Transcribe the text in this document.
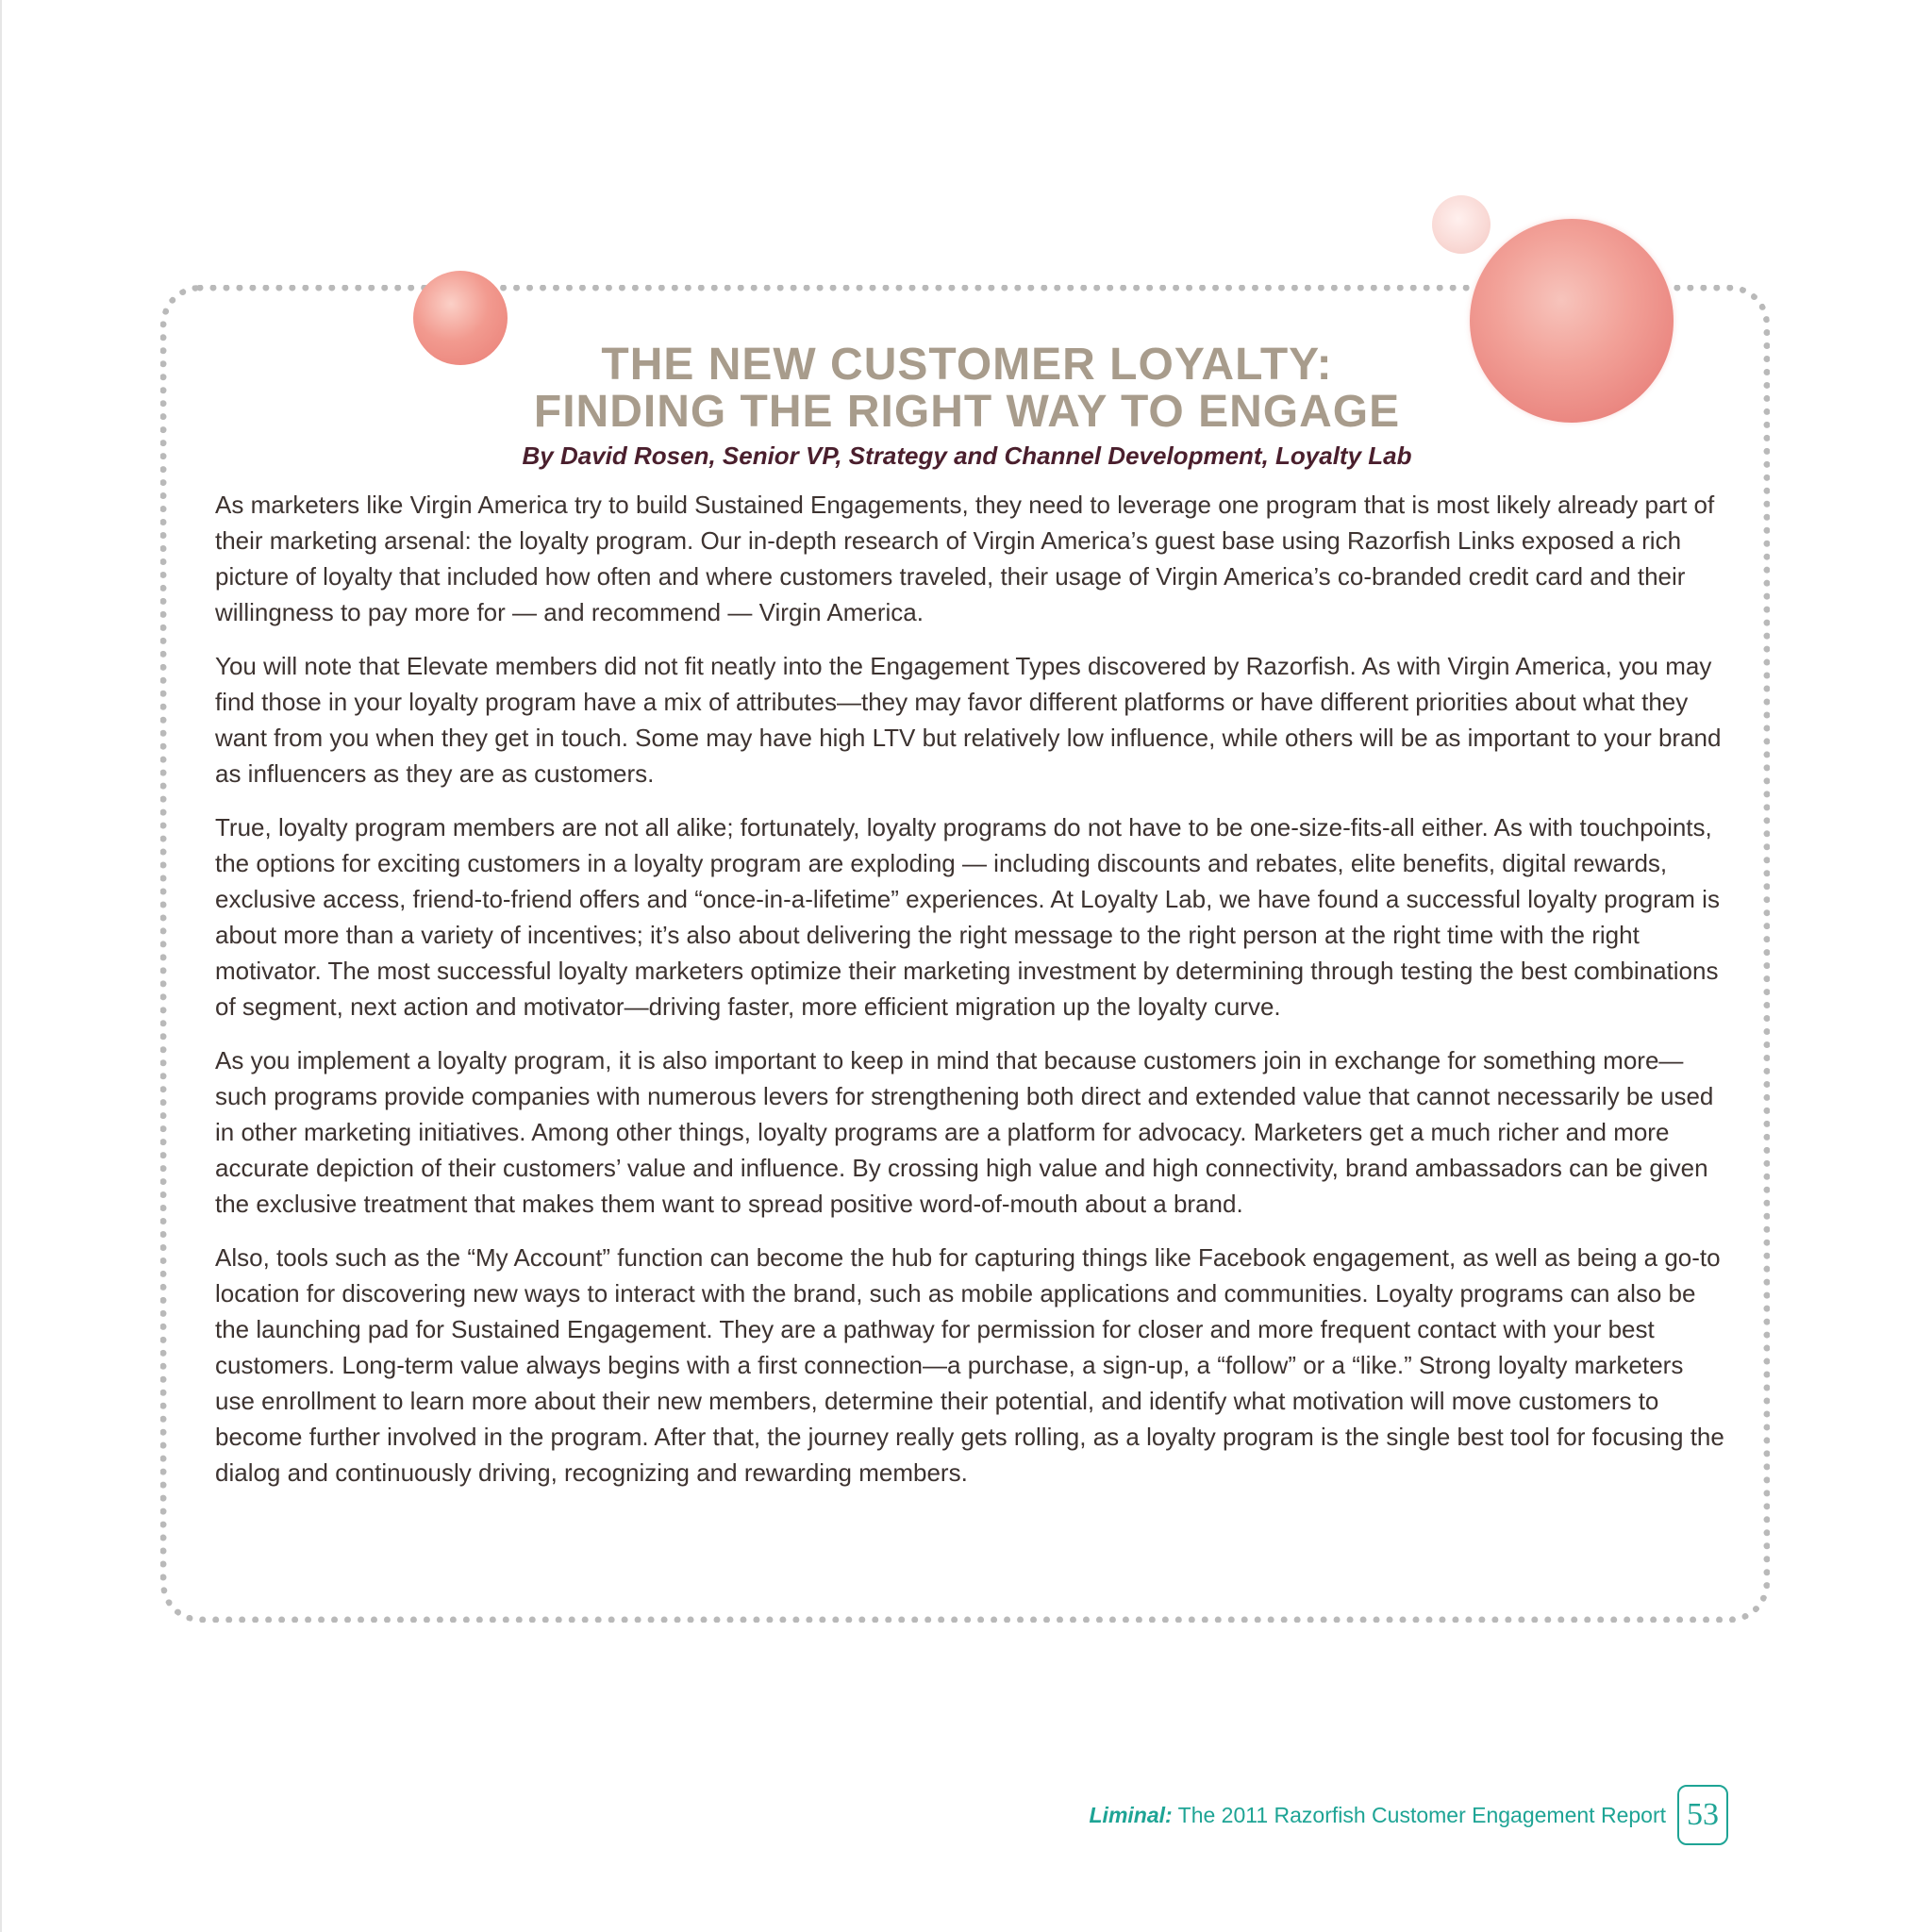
THE NEW CUSTOMER LOYALTY:
FINDING THE RIGHT WAY TO ENGAGE
By David Rosen, Senior VP, Strategy and Channel Development, Loyalty Lab

As marketers like Virgin America try to build Sustained Engagements, they need to leverage one program that is most likely already part of their marketing arsenal: the loyalty program. Our in-depth research of Virgin America’s guest base using Razorfish Links exposed a rich picture of loyalty that included how often and where customers traveled, their usage of Virgin America’s co-branded credit card and their willingness to pay more for — and recommend — Virgin America.

You will note that Elevate members did not fit neatly into the Engagement Types discovered by Razorfish. As with Virgin America, you may find those in your loyalty program have a mix of attributes—they may favor different platforms or have different priorities about what they want from you when they get in touch. Some may have high LTV but relatively low influence, while others will be as important to your brand as influencers as they are as customers.

True, loyalty program members are not all alike; fortunately, loyalty programs do not have to be one-size-fits-all either. As with touchpoints, the options for exciting customers in a loyalty program are exploding — including discounts and rebates, elite benefits, digital rewards, exclusive access, friend-to-friend offers and “once-in-a-lifetime” experiences. At Loyalty Lab, we have found a successful loyalty program is about more than a variety of incentives; it’s also about delivering the right message to the right person at the right time with the right motivator. The most successful loyalty marketers optimize their marketing investment by determining through testing the best combinations of segment, next action and motivator—driving faster, more efficient migration up the loyalty curve.

As you implement a loyalty program, it is also important to keep in mind that because customers join in exchange for something more—such programs provide companies with numerous levers for strengthening both direct and extended value that cannot necessarily be used in other marketing initiatives. Among other things, loyalty programs are a platform for advocacy. Marketers get a much richer and more accurate depiction of their customers’ value and influence. By crossing high value and high connectivity, brand ambassadors can be given the exclusive treatment that makes them want to spread positive word-of-mouth about a brand.

Also, tools such as the “My Account” function can become the hub for capturing things like Facebook engagement, as well as being a go-to location for discovering new ways to interact with the brand, such as mobile applications and communities. Loyalty programs can also be the launching pad for Sustained Engagement. They are a pathway for permission for closer and more frequent contact with your best customers. Long-term value always begins with a first connection—a purchase, a sign-up, a “follow” or a “like.” Strong loyalty marketers use enrollment to learn more about their new members, determine their potential, and identify what motivation will move customers to become further involved in the program. After that, the journey really gets rolling, as a loyalty program is the single best tool for focusing the dialog and continuously driving, recognizing and rewarding members.

Liminal: The 2011 Razorfish Customer Engagement Report 53
